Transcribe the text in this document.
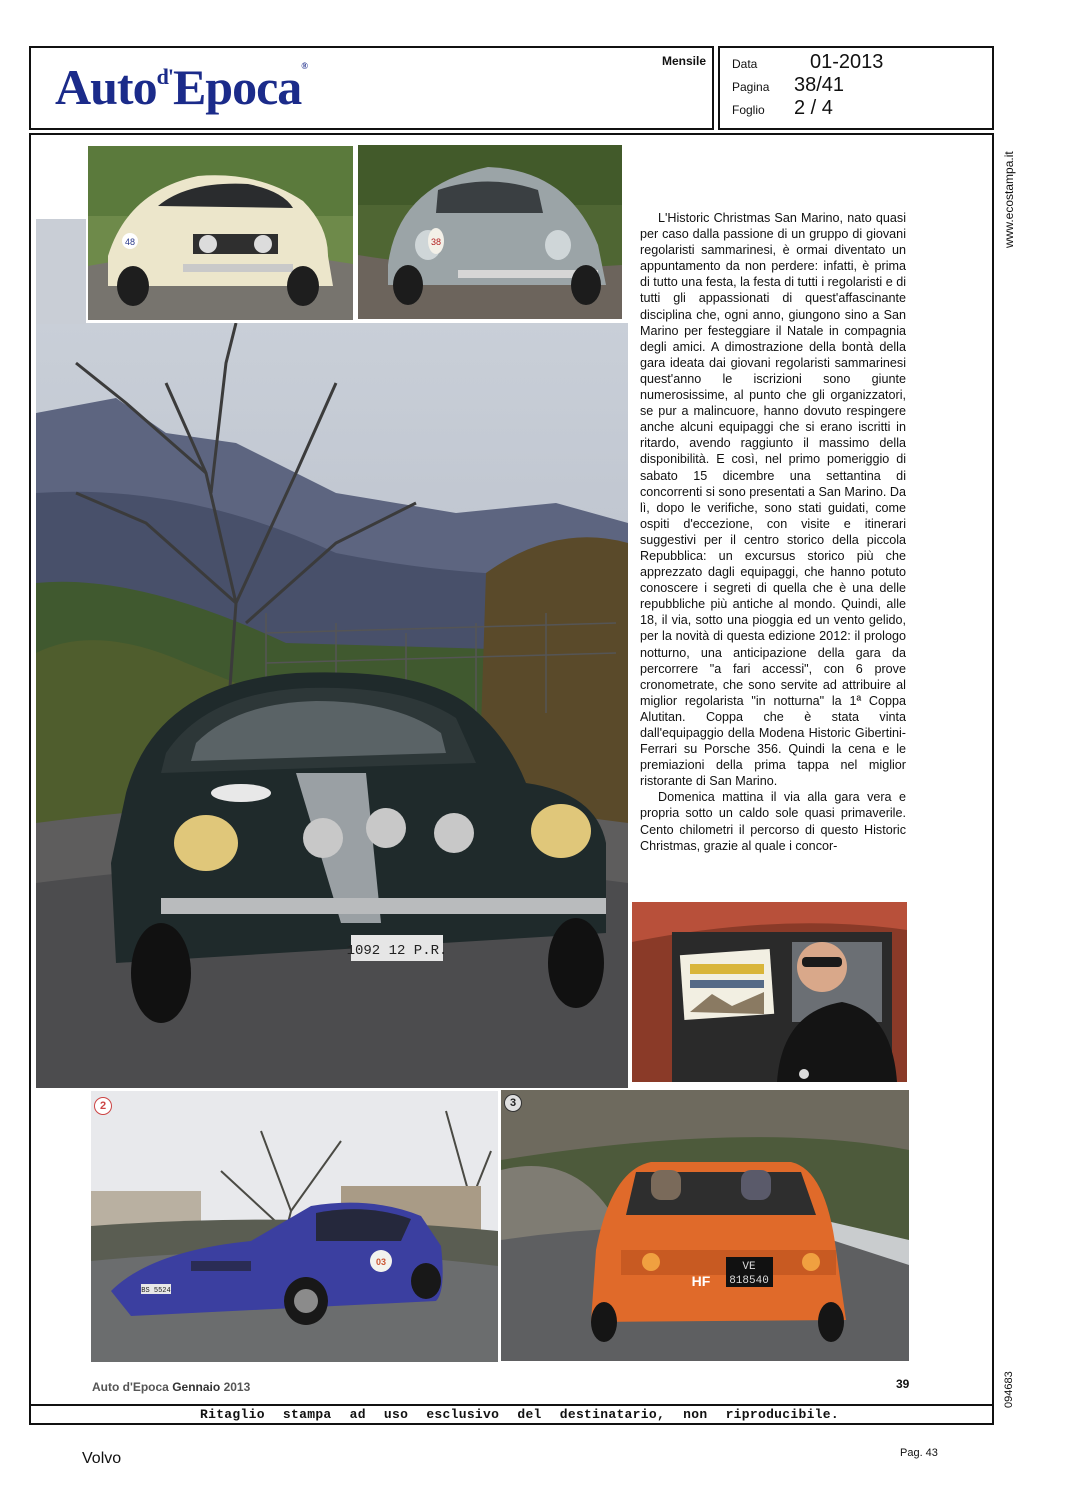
Auto$^{d'}$Epoca®	Mensile Data	01-2013
Pagina 38/41
Foglio 2 / 4
www.ecostampa.it
094683
48	38
1092 12 P.R.

L'Historic Christmas San Marino, nato quasi per caso dalla passione di un gruppo di giovani regolaristi sammarinesi, è ormai diventato un appuntamento da non perdere: infatti, è prima di tutto una festa, la festa di tutti i regolaristi e di tutti gli appassionati di quest'affascinante disciplina che, ogni anno, giungono sino a San Marino per festeggiare il Natale in compagnia degli amici. A dimostrazione della bontà della gara ideata dai giovani regolaristi sammarinesi quest'anno le iscrizioni sono giunte numerosissime, al punto che gli organizzatori, se pur a malincuore, hanno dovuto respingere anche alcuni equipaggi che si erano iscritti in ritardo, avendo raggiunto il massimo della disponibilità. E così, nel primo pomeriggio di sabato 15 dicembre una settantina di concorrenti si sono presentati a San Marino. Da lì, dopo le verifiche, sono stati guidati, come ospiti d'eccezione, con visite e itinerari suggestivi per il centro storico della piccola Repubblica: un excursus storico più che apprezzato dagli equipaggi, che hanno potuto conoscere i segreti di quella che è una delle repubbliche più antiche al mondo. Quindi, alle 18, il via, sotto una pioggia ed un vento gelido, per la novità di questa edizione 2012: il prologo notturno, una anticipazione della gara da percorrere "a fari accessi", con 6 prove cronometrate, che sono servite ad attribuire al miglior regolarista "in notturna" la 1ª Coppa Alutitan. Coppa che è stata vinta dall'equipaggio della Modena Historic Gibertini-Ferrari su Porsche 356. Quindi la cena e le premiazioni della prima tappa nel miglior ristorante di San Marino.

Domenica mattina il via alla gara vera e propria sotto un caldo sole quasi primaverile. Cento chilometri il percorso di questo Historic Christmas, grazie al quale i concor-

BS 5524
03
2
VE
818540
HF
3
Auto d'Epoca Gennaio 2013	39
Ritaglio stampa ad uso esclusivo del destinatario, non riproducibile.
Volvo	Pag. 43
